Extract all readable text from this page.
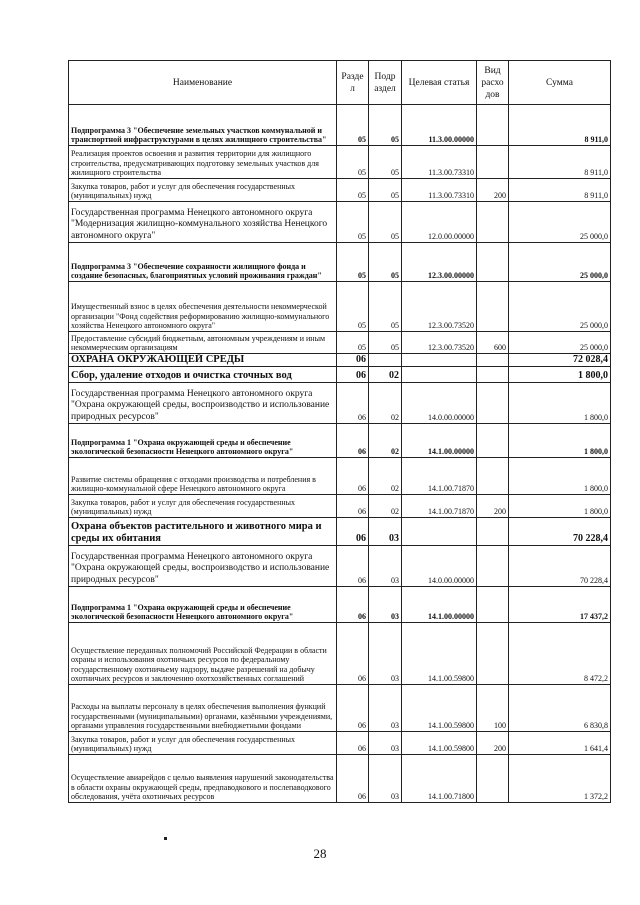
Наименование	Разде л	Подр аздел	Целевая статья	Вид расхо дов	Сумма
Подпрограмма 3 "Обеспечение земельных участков коммунальной и транспортной инфраструктурами в целях жилищного строительства"	05	05	11.3.00.00000		8 911,0
Реализация проектов освоения и развития территории для жилищного строительства, предусматривающих подготовку земельных участков для жилищного строительства	05	05	11.3.00.73310		8 911,0
Закупка товаров, работ и услуг для обеспечения государственных (муниципальных) нужд	05	05	11.3.00.73310	200	8 911,0
Государственная программа Ненецкого автономного округа "Модернизация жилищно-коммунального хозяйства Ненецкого автономного округа"	05	05	12.0.00.00000		25 000,0
Подпрограмма 3 "Обеспечение сохранности жилищного фонда и создание безопасных, благоприятных условий проживания граждан"	05	05	12.3.00.00000		25 000,0
Имущественный взнос в целях обеспечения деятельности некоммерческой организации "Фонд содействия реформированию жилищно-коммунального хозяйства Ненецкого автономного округа"	05	05	12.3.00.73520		25 000,0
Предоставление субсидий бюджетным, автономным учреждениям и иным некоммерческим организациям	05	05	12.3.00.73520	600	25 000,0
ОХРАНА ОКРУЖАЮЩЕЙ СРЕДЫ	06				72 028,4
Сбор, удаление отходов и очистка сточных вод	06	02			1 800,0
Государственная программа Ненецкого автономного округа "Охрана окружающей среды, воспроизводство и использование природных ресурсов"	06	02	14.0.00.00000		1 800,0
Подпрограмма 1 "Охрана окружающей среды и обеспечение экологической безопасности Ненецкого автономного округа"	06	02	14.1.00.00000		1 800,0
Развитие системы обращения с отходами производства и потребления в жилищно-коммунальной сфере Ненецкого автономного округа	06	02	14.1.00.71870		1 800,0
Закупка товаров, работ и услуг для обеспечения государственных (муниципальных) нужд	06	02	14.1.00.71870	200	1 800,0
Охрана объектов растительного и животного мира и среды их обитания	06	03			70 228,4
Государственная программа Ненецкого автономного округа "Охрана окружающей среды, воспроизводство и использование природных ресурсов"	06	03	14.0.00.00000		70 228,4
Подпрограмма 1 "Охрана окружающей среды и обеспечение экологической безопасности Ненецкого автономного округа"	06	03	14.1.00.00000		17 437,2
Осуществление переданных полномочий Российской Федерации в области охраны и использования охотничьих ресурсов по федеральному государственному охотничьему надзору, выдаче разрешений на добычу охотничьих ресурсов и заключению охотхозяйственных соглашений	06	03	14.1.00.59800		8 472,2
Расходы на выплаты персоналу в целях обеспечения выполнения функций государственными (муниципальными) органами, казёнными учреждениями, органами управления государственными внебюджетными фондами	06	03	14.1.00.59800	100	6 830,8
Закупка товаров, работ и услуг для обеспечения государственных (муниципальных) нужд	06	03	14.1.00.59800	200	1 641,4
Осуществление авиарейдов с целью выявления нарушений законодательства в области охраны окружающей среды, предпаводкового и послепаводкового обследования, учёта охотничьих ресурсов	06	03	14.1.00.71800		1 372,2
28
